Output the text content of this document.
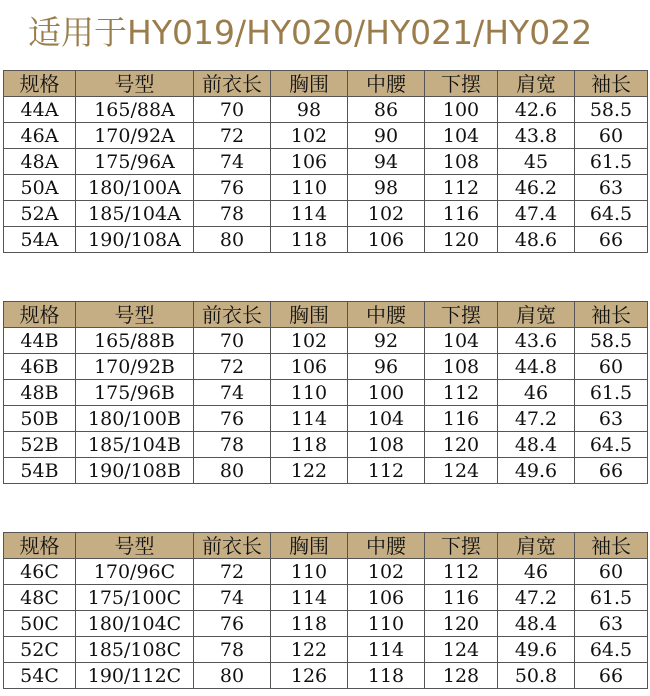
适用于HY019/HY020/HY021/HY022
规格	号型	前衣长	胸围	中腰	下摆	肩宽	袖长
44A	165/88A	70	98	86	100	42.6	58.5
46A	170/92A	72	102	90	104	43.8	60
48A	175/96A	74	106	94	108	45	61.5
50A	180/100A	76	110	98	112	46.2	63
52A	185/104A	78	114	102	116	47.4	64.5
54A	190/108A	80	118	106	120	48.6	66
规格	号型	前衣长	胸围	中腰	下摆	肩宽	袖长
44B	165/88B	70	102	92	104	43.6	58.5
46B	170/92B	72	106	96	108	44.8	60
48B	175/96B	74	110	100	112	46	61.5
50B	180/100B	76	114	104	116	47.2	63
52B	185/104B	78	118	108	120	48.4	64.5
54B	190/108B	80	122	112	124	49.6	66
规格	号型	前衣长	胸围	中腰	下摆	肩宽	袖长
46C	170/96C	72	110	102	112	46	60
48C	175/100C	74	114	106	116	47.2	61.5
50C	180/104C	76	118	110	120	48.4	63
52C	185/108C	78	122	114	124	49.6	64.5
54C	190/112C	80	126	118	128	50.8	66
